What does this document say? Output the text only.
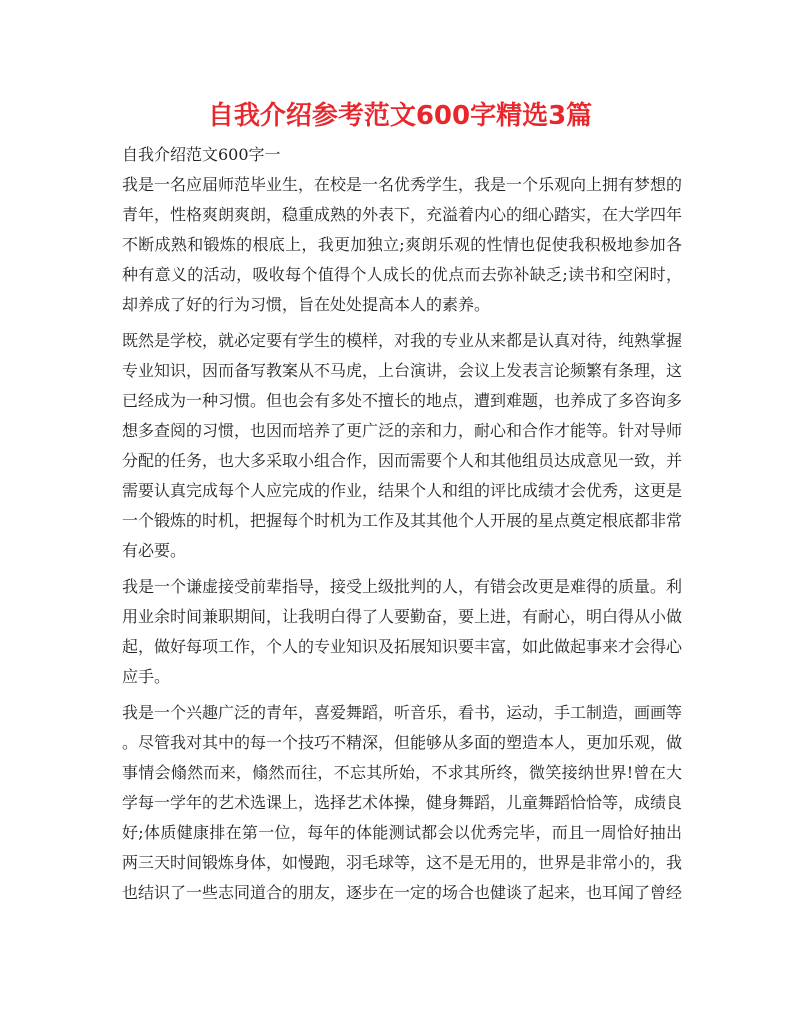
自我介绍参考范文600字精选3篇
自我介绍范文600字一
我是一名应届师范毕业生，在校是一名优秀学生，我是一个乐观向上拥有梦想的
青年，性格爽朗爽朗，稳重成熟的外表下，充溢着内心的细心踏实，在大学四年
不断成熟和锻炼的根底上，我更加独立;爽朗乐观的性情也促使我积极地参加各
种有意义的活动，吸收每个值得个人成长的优点而去弥补缺乏;读书和空闲时，
却养成了好的行为习惯，旨在处处提高本人的素养。
既然是学校，就必定要有学生的模样，对我的专业从来都是认真对待，纯熟掌握
专业知识，因而备写教案从不马虎，上台演讲，会议上发表言论频繁有条理，这
已经成为一种习惯。但也会有多处不擅长的地点，遭到难题，也养成了多咨询多
想多查阅的习惯，也因而培养了更广泛的亲和力，耐心和合作才能等。针对导师
分配的任务，也大多采取小组合作，因而需要个人和其他组员达成意见一致，并
需要认真完成每个人应完成的作业，结果个人和组的评比成绩才会优秀，这更是
一个锻炼的时机，把握每个时机为工作及其其他个人开展的星点奠定根底都非常
有必要。
我是一个谦虚接受前辈指导，接受上级批判的人，有错会改更是难得的质量。利
用业余时间兼职期间，让我明白得了人要勤奋，要上进，有耐心，明白得从小做
起，做好每项工作，个人的专业知识及拓展知识要丰富，如此做起事来才会得心
应手。
我是一个兴趣广泛的青年，喜爱舞蹈，听音乐，看书，运动，手工制造，画画等
。尽管我对其中的每一个技巧不精深，但能够从多面的塑造本人，更加乐观，做
事情会翛然而来，翛然而往，不忘其所始，不求其所终，微笑接纳世界!曾在大
学每一学年的艺术选课上，选择艺术体操，健身舞蹈，儿童舞蹈恰恰等，成绩良
好;体质健康排在第一位，每年的体能测试都会以优秀完毕，而且一周恰好抽出
两三天时间锻炼身体，如慢跑，羽毛球等，这不是无用的，世界是非常小的，我
也结识了一些志同道合的朋友，逐步在一定的场合也健谈了起来，也耳闻了曾经
